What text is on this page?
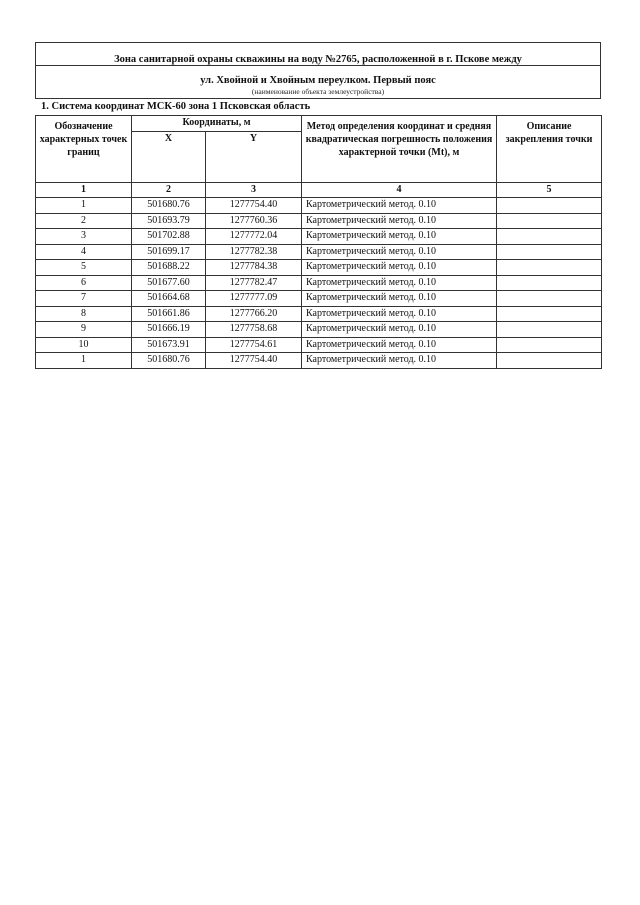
Зона санитарной охраны скважины на воду №2765, расположенной в г. Пскове между
ул. Хвойной и Хвойным переулком. Первый пояс
(наименование объекта землеустройства)
1. Система координат МСК-60 зона 1 Псковская область
Обозначение характерных точек границ	Координаты, м		Метод определения координат и средняя квадратическая погрешность положения характерной точки (Mt), м	Описание закрепления точки
	X	Y		
1	2	3	4	5
1	501680.76	1277754.40	Картометрический метод. 0.10	
2	501693.79	1277760.36	Картометрический метод. 0.10	
3	501702.88	1277772.04	Картометрический метод. 0.10	
4	501699.17	1277782.38	Картометрический метод. 0.10	
5	501688.22	1277784.38	Картометрический метод. 0.10	
6	501677.60	1277782.47	Картометрический метод. 0.10	
7	501664.68	1277777.09	Картометрический метод. 0.10	
8	501661.86	1277766.20	Картометрический метод. 0.10	
9	501666.19	1277758.68	Картометрический метод. 0.10	
10	501673.91	1277754.61	Картометрический метод. 0.10	
1	501680.76	1277754.40	Картометрический метод. 0.10	
